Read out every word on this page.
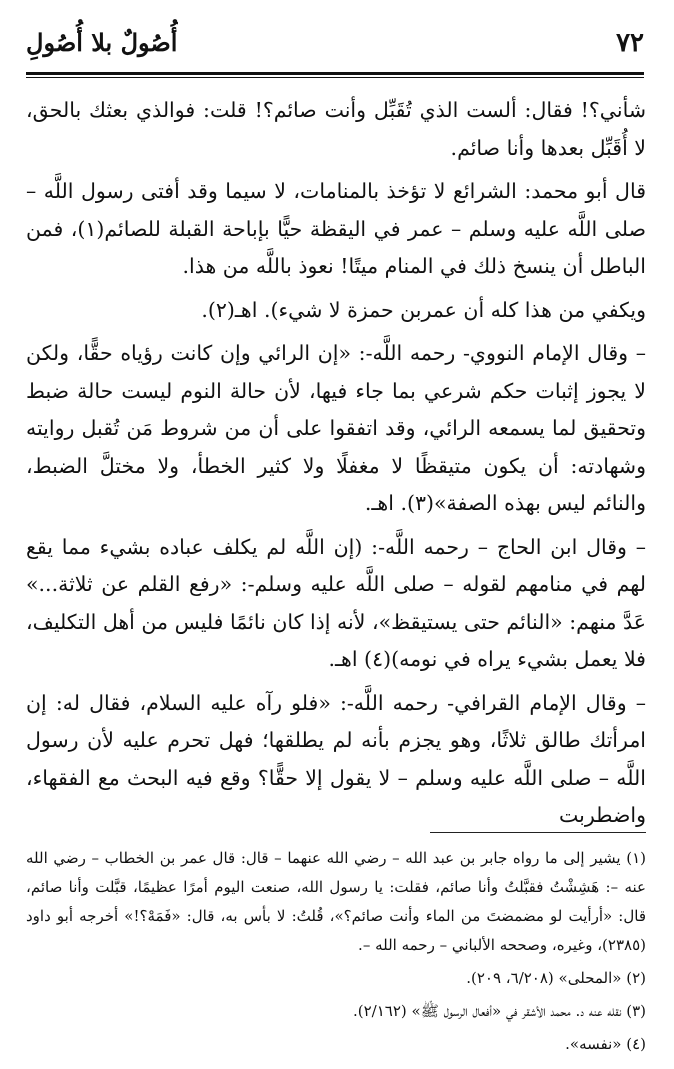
٧٢
أُصُولٌ بلا أُصُولِ

شأني؟! فقال: ألست الذي تُقَبِّل وأنت صائم؟! قلت: فوالذي بعثك بالحق، لا أُقَبِّل بعدها وأنا صائم.

قال أبو محمد: الشرائع لا تؤخذ بالمنامات، لا سيما وقد أفتى رسول اللَّه – صلى اللَّه عليه وسلم – عمر في اليقظة حيًّا بإباحة القبلة للصائم(١)، فمن الباطل أن ينسخ ذلك في المنام ميتًا! نعوذ باللَّه من هذا.

ويكفي من هذا كله أن عمربن حمزة لا شيء). اهـ(٢).

– وقال الإمام النووي- رحمه اللَّه-: «إن الرائي وإن كانت رؤياه حقًّا، ولكن لا يجوز إثبات حكم شرعي بما جاء فيها، لأن حالة النوم ليست حالة ضبط وتحقيق لما يسمعه الرائي، وقد اتفقوا على أن من شروط مَن تُقبل روايته وشهادته: أن يكون متيقظًا لا مغفلًا ولا كثير الخطأ، ولا مختلَّ الضبط، والنائم ليس بهذه الصفة»(٣). اهـ.

– وقال ابن الحاج – رحمه اللَّه-: (إن اللَّه لم يكلف عباده بشيء مما يقع لهم في منامهم لقوله – صلى اللَّه عليه وسلم-: «رفع القلم عن ثلاثة...» عَدَّ منهم: «النائم حتى يستيقظ»، لأنه إذا كان نائمًا فليس من أهل التكليف، فلا يعمل بشيء يراه في نومه)(٤) اهـ.

– وقال الإمام القرافي- رحمه اللَّه-: «فلو رآه عليه السلام، فقال له: إن امرأتك طالق ثلاثًا، وهو يجزم بأنه لم يطلقها؛ فهل تحرم عليه لأن رسول اللَّه – صلى اللَّه عليه وسلم – لا يقول إلا حقًّا؟ وقع فيه البحث مع الفقهاء، واضطربت

(١) يشير إلى ما رواه جابر بن عبد الله – رضي الله عنهما – قال: قال عمر بن الخطاب – رضي الله عنه –: هَشِشْتُ فقبَّلتُ وأنا صائم، فقلت: يا رسول الله، صنعت اليوم أمرًا عظيمًا، قبَّلت وأنا صائم، قال: «أرأيت لو مضمضتَ من الماء وأنت صائم؟»، قُلتُ: لا بأس به، قال: «فَمَهْ؟!» أخرجه أبو داود (٢٣٨٥)، وغيره، وصححه الألباني – رحمه الله –.

(٢) «المحلى» (٦/٢٠٨، ٢٠٩).

(٣) نقله عنه د. محمد الأشقر في «أفعال الرسول ﷺ» (٢/١٦٢).

(٤) «نفسه».
